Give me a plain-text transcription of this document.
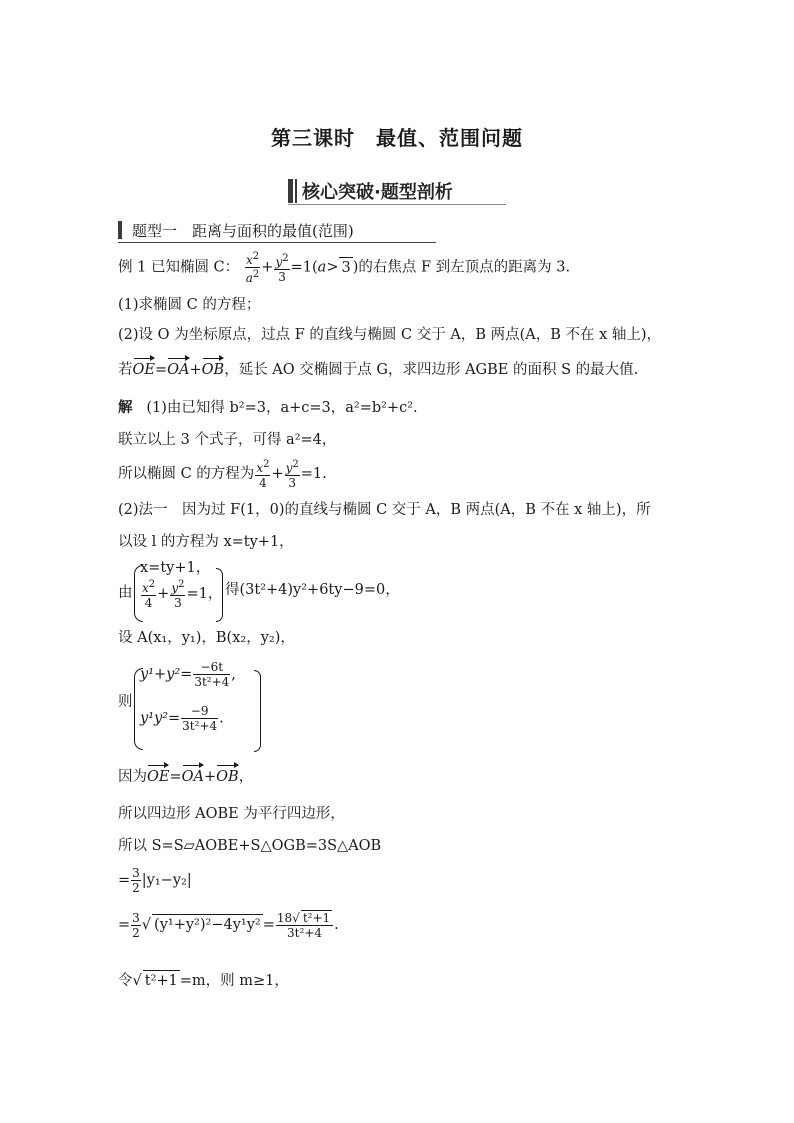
第三课时　最值、范围问题
核心突破·题型剖析
题型一　距离与面积的最值(范围)
例 1 已知椭圆 C： $\frac{x^2}{a^2} + \frac{y^2}{3} =1(a> 3$ )的右焦点 F 到左顶点的距离为 3.
(1)求椭圆 C 的方程；
(2)设 O 为坐标原点，过点 F 的直线与椭圆 C 交于 A，B 两点(A，B 不在 x 轴上)，
若OE=OA+OB，延长 AO 交椭圆于点 G，求四边形 AGBE 的面积 S 的最大值.
解 (1)由已知得 b²=3，a+c=3，a²=b²+c².
联立以上 3 个式子，可得 a²=4，
所以椭圆 C 的方程为 $\frac{x^2}{4} + \frac{y^2}{3} =1$.
(2)法一　因为过 F(1，0)的直线与椭圆 C 交于 A，B 两点(A，B 不在 x 轴上)，所
以设 l 的方程为 x=ty+1，
由
x=ty+1，
$\frac{x^2}{4} + \frac{y^2}{3} =1$， 得(3t²+4)y²+6ty−9=0，
设 A(x₁，y₁)，B(x₂，y₂)，
则
$y^1+y^2= \frac{-6t}{\text{3t²+4}}$ ,
$y^1y^2= \frac{-9}{\text{3t²+4}}$ .
因为OE=OA+OB，
所以四边形 AOBE 为平行四边形，
所以 S=S▱AOBE+S△OGB=3S△AOB
= $\frac{3}{2} |y_1-y_2|$
= $\frac{3}{2}$ √ $(y^1+y^2)^2-4y^1y^2 = \frac{\text{18√ t²+1}}{\text{3t²+4}}$ .
令√ t²+1 =m，则 m≥1，
